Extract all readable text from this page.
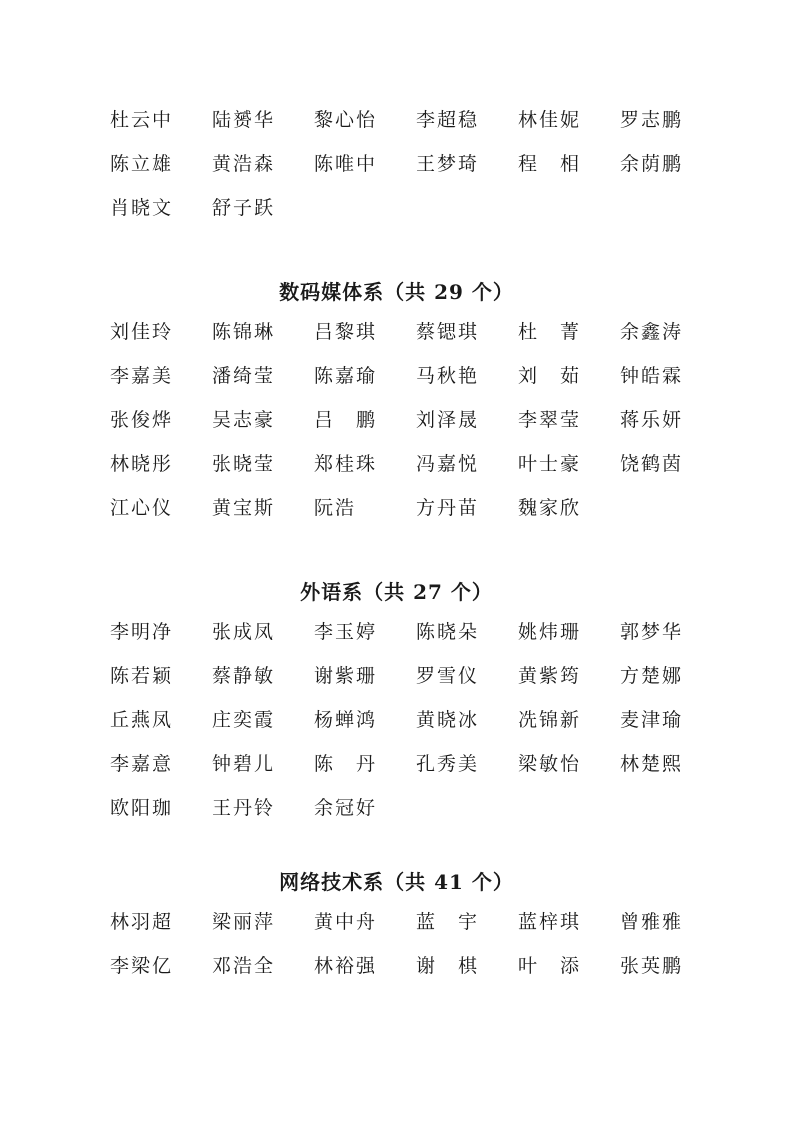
杜云中	陆赟华	黎心怡	李超稳	林佳妮	罗志鹏
陈立雄	黄浩森	陈唯中	王梦琦	程　相	余荫鹏
肖晓文	舒子跃
数码媒体系（共 29 个）
刘佳玲	陈锦琳	吕黎琪	蔡锶琪	杜　菁	余鑫涛
李嘉美	潘绮莹	陈嘉瑜	马秋艳	刘　茹	钟皓霖
张俊烨	吴志豪	吕　鹏	刘泽晟	李翠莹	蒋乐妍
林晓彤	张晓莹	郑桂珠	冯嘉悦	叶士豪	饶鹤茵
江心仪	黄宝斯	阮浩	方丹苗	魏家欣
外语系（共 27 个）
李明净	张成凤	李玉婷	陈晓朵	姚炜珊	郭梦华
陈若颖	蔡静敏	谢紫珊	罗雪仪	黄紫筠	方楚娜
丘燕凤	庄奕霞	杨蝉鸿	黄晓冰	冼锦新	麦津瑜
李嘉意	钟碧儿	陈　丹	孔秀美	梁敏怡	林楚熙
欧阳珈	王丹铃	余冠好
网络技术系（共 41 个）
林羽超	梁丽萍	黄中舟	蓝　宇	蓝梓琪	曾雅雅
李梁亿	邓浩全	林裕强	谢　棋	叶　添	张英鹏
